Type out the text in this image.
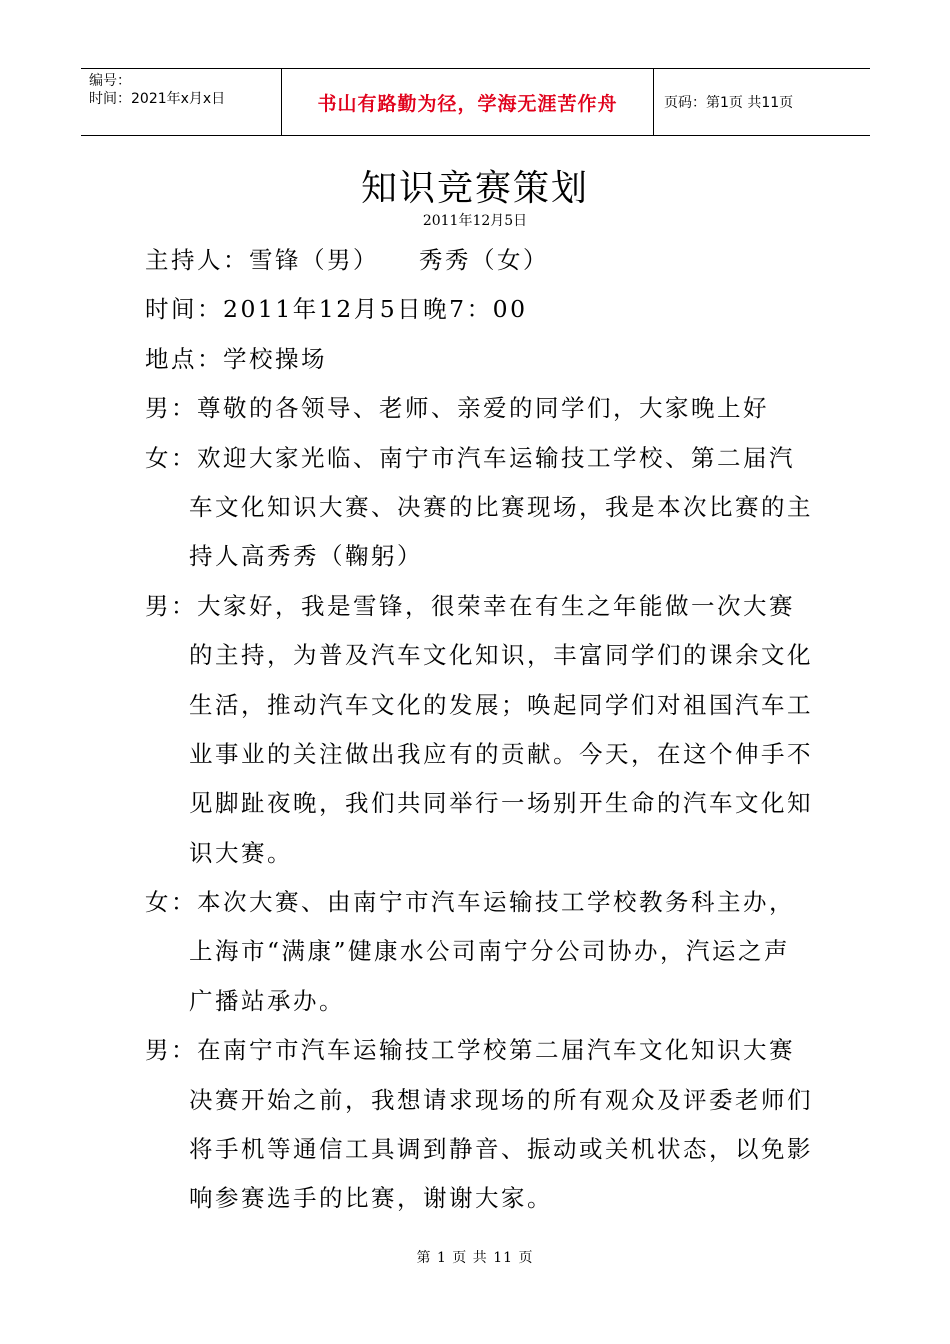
编号：
时间：2021年x月x日	书山有路勤为径，学海无涯苦作舟	页码：第1页 共11页
知识竞赛策划
2011年12月5日
主持人：雪锋（男） 秀秀（女）
时间：2011年12月5日晚7：00
地点：学校操场
男：尊敬的各领导、老师、亲爱的同学们，大家晚上好
女：欢迎大家光临、南宁市汽车运输技工学校、第二届汽
车文化知识大赛、决赛的比赛现场，我是本次比赛的主
持人高秀秀（鞠躬）
男：大家好，我是雪锋，很荣幸在有生之年能做一次大赛
的主持，为普及汽车文化知识，丰富同学们的课余文化
生活，推动汽车文化的发展；唤起同学们对祖国汽车工
业事业的关注做出我应有的贡献。今天，在这个伸手不
见脚趾夜晚，我们共同举行一场别开生命的汽车文化知
识大赛。
女：本次大赛、由南宁市汽车运输技工学校教务科主办，
上海市“满康”健康水公司南宁分公司协办，汽运之声
广播站承办。
男：在南宁市汽车运输技工学校第二届汽车文化知识大赛
决赛开始之前，我想请求现场的所有观众及评委老师们
将手机等通信工具调到静音、振动或关机状态，以免影
响参赛选手的比赛，谢谢大家。
第 1 页 共 11 页
